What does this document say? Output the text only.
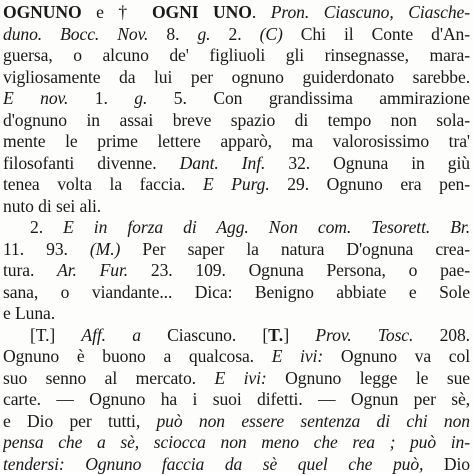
OGNUNO e † OGNI UNO. Pron. Ciascuno, Ciasche-
duno. Bocc. Nov. 8. g. 2. (C) Chi il Conte d'An-
guersa, o alcuno de' figliuoli gli rinsegnasse, mara-
vigliosamente da lui per ognuno guiderdonato sarebbe.
E nov. 1. g. 5. Con grandissima ammirazione
d'ognuno in assai breve spazio di tempo non sola-
mente le prime lettere apparò, ma valorosissimo tra'
filosofanti divenne. Dant. Inf. 32. Ognuna in giù
tenea volta la faccia. E Purg. 29. Ognuno era pen-
nuto di sei ali.
2. E in forza di Agg. Non com. Tesorett. Br.
11. 93. (M.) Per saper la natura D'ognuna crea-
tura. Ar. Fur. 23. 109. Ognuna Persona, o pae-
sana, o viandante... Dica: Benigno abbiate e Sole
e Luna.
[T.] Aff. a Ciascuno. [T.] Prov. Tosc. 208.
Ognuno è buono a qualcosa. E ivi: Ognuno va col
suo senno al mercato. E ivi: Ognuno legge le sue
carte. — Ognuno ha i suoi difetti. — Ognun per sè,
e Dio per tutti, può non essere sentenza di chi non
pensa che a sè, sciocca non meno che rea ; può in-
tendersi: Ognuno faccia da sè quel che può, Dio
